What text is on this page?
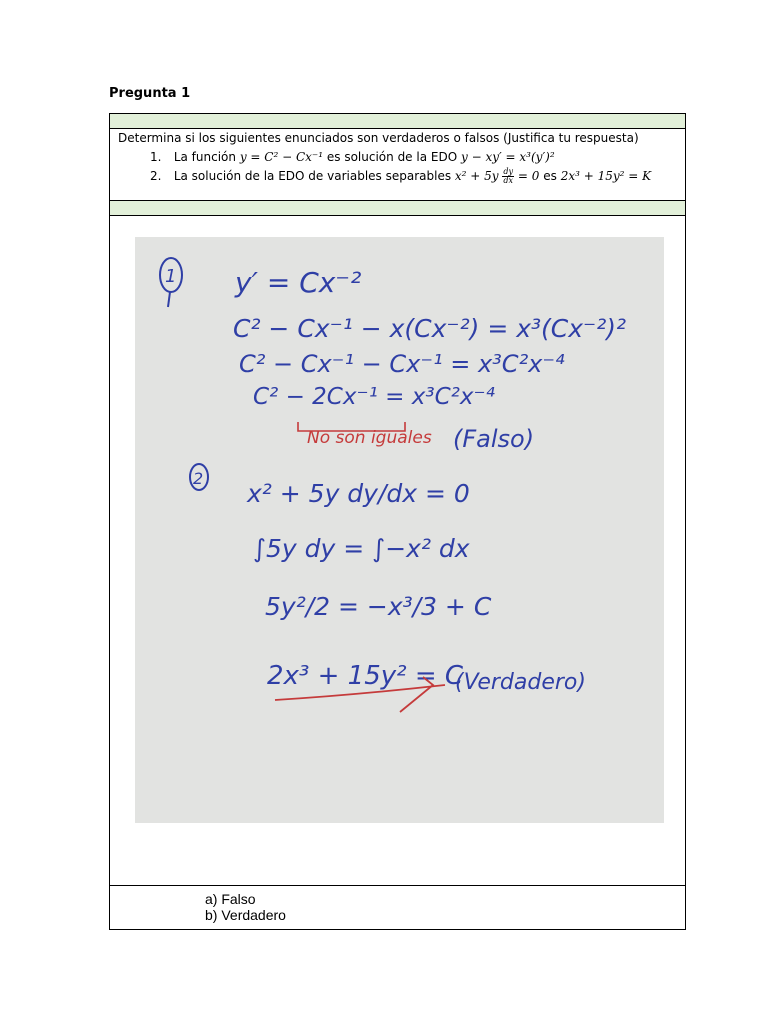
Pregunta 1
Determina si los siguientes enunciados son verdaderos o falsos (Justifica tu respuesta)
1. La función y = C² − Cx⁻¹ es solución de la EDO y − xy′ = x³(y′)²
2. La solución de la EDO de variables separables $x^2 + 5y \frac{dy}{dx} = 0$ es 2x³ + 15y² = K
1 y′ = Cx⁻²
C² − Cx⁻¹ − x(Cx⁻²) = x³(Cx⁻²)²
C² − Cx⁻¹ − Cx⁻¹ = x³C²x⁻⁴
C² − 2Cx⁻¹ = x³C²x⁻⁴
No son iguales (Falso)
2
x² + 5y dy/dx = 0
∫5y dy = ∫−x² dx
5y²/2 = −x³/3 + C
2x³ + 15y² = C
(Verdadero)
a) Falso
b) Verdadero
